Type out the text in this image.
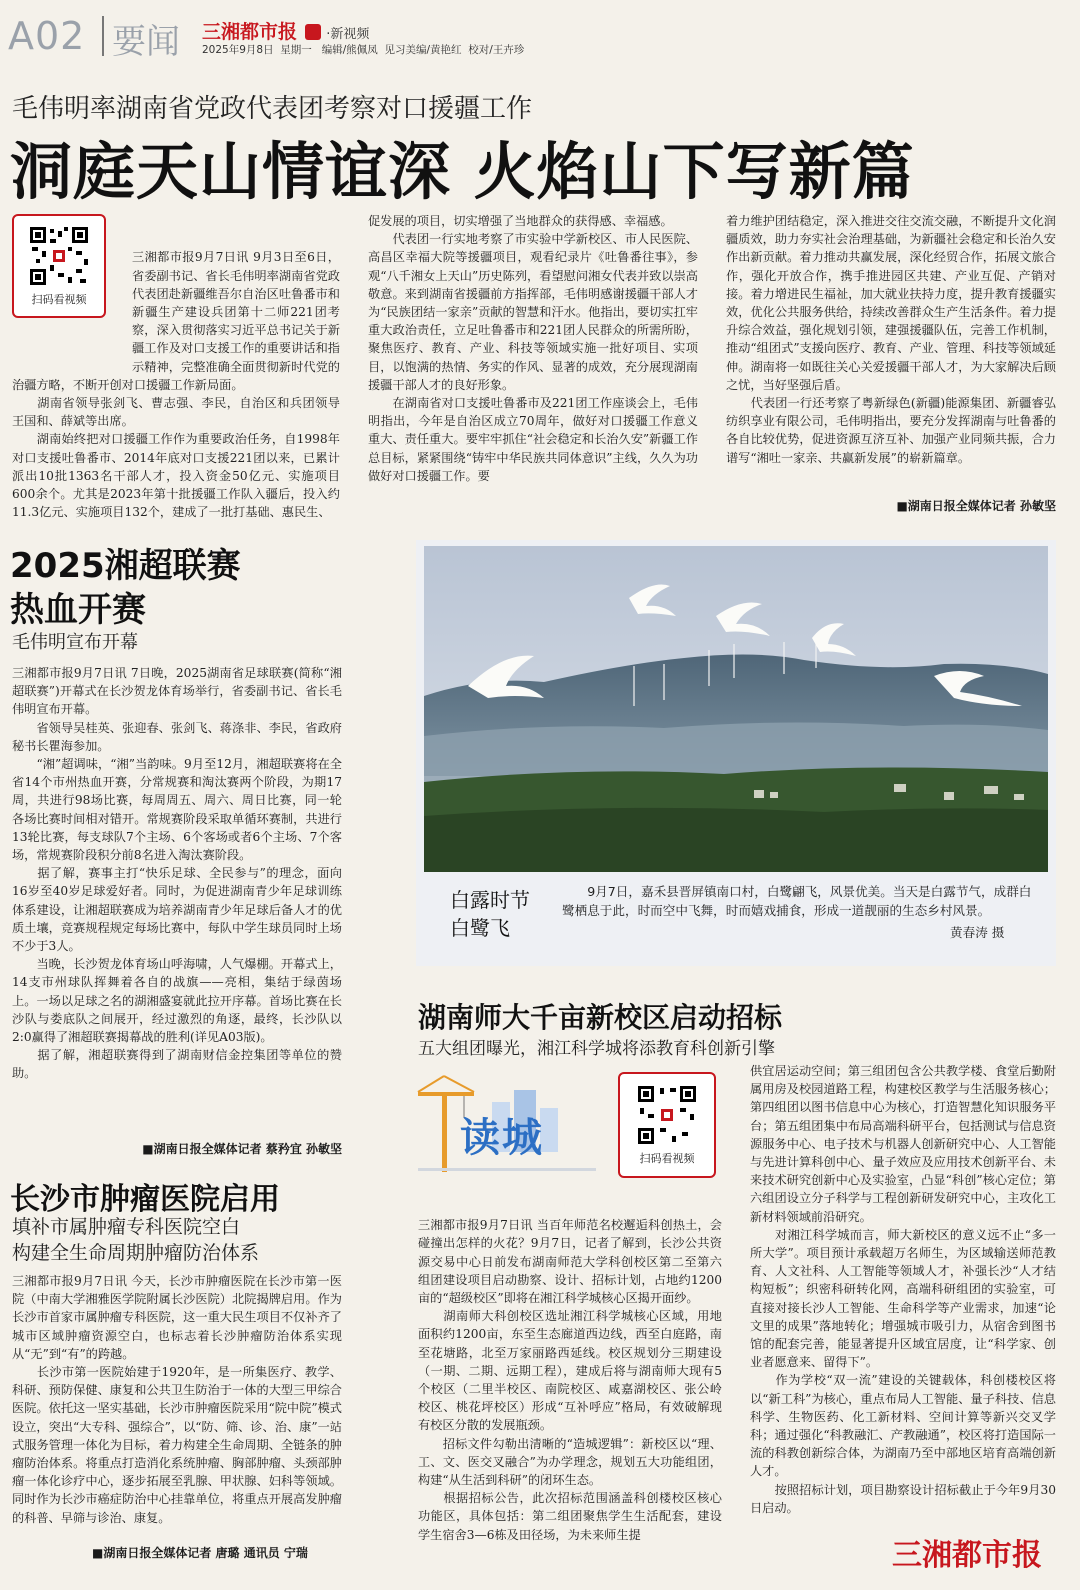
A02 要闻 三湘都市报 ·新视频
2025年9月8日  星期一   编辑/熊佩凤  见习美编/黄艳红  校对/王卉珍
毛伟明率湖南省党政代表团考察对口援疆工作
洞庭天山情谊深 火焰山下写新篇
扫码看视频

三湘都市报9月7日讯 9月3日至6日，省委副书记、省长毛伟明率湖南省党政代表团赴新疆维吾尔自治区吐鲁番市和新疆生产建设兵团第十二师221团考察，深入贯彻落实习近平总书记关于新疆工作及对口支援工作的重要讲话和指示精神，完整准确全面贯彻新时代党的治疆方略，不断开创对口援疆工作新局面。
　　湖南省领导张剑飞、曹志强、李民，自治区和兵团领导王国和、薛斌等出席。
　　湖南始终把对口援疆工作作为重要政治任务，自1998年对口支援吐鲁番市、2014年底对口支援221团以来，已累计派出10批1363名干部人才，投入资金50亿元、实施项目600余个。尤其是2023年第十批援疆工作队入疆后，投入约11.3亿元、实施项目132个，建成了一批打基础、惠民生、

促发展的项目，切实增强了当地群众的获得感、幸福感。
　　代表团一行实地考察了市实验中学新校区、市人民医院、高昌区幸福大院等援疆项目，观看纪录片《吐鲁番往事》，参观“八千湘女上天山”历史陈列，看望慰问湘女代表并致以崇高敬意。来到湖南省援疆前方指挥部，毛伟明感谢援疆干部人才为“民族团结一家亲”贡献的智慧和汗水。他指出，要切实扛牢重大政治责任，立足吐鲁番市和221团人民群众的所需所盼，聚焦医疗、教育、产业、科技等领域实施一批好项目、实项目，以饱满的热情、务实的作风、显著的成效，充分展现湖南援疆干部人才的良好形象。
　　在湖南省对口支援吐鲁番市及221团工作座谈会上，毛伟明指出，今年是自治区成立70周年，做好对口援疆工作意义重大、责任重大。要牢牢抓住“社会稳定和长治久安”新疆工作总目标，紧紧围绕“铸牢中华民族共同体意识”主线，久久为功做好对口援疆工作。要
着力维护团结稳定，深入推进交往交流交融，不断提升文化润疆质效，助力夯实社会治理基础，为新疆社会稳定和长治久安作出新贡献。着力推动共赢发展，深化经贸合作，拓展文旅合作，强化开放合作，携手推进园区共建、产业互促、产销对接。着力增进民生福祉，加大就业扶持力度，提升教育援疆实效，优化公共服务供给，持续改善群众生产生活条件。着力提升综合效益，强化规划引领，建强援疆队伍，完善工作机制，推动“组团式”支援向医疗、教育、产业、管理、科技等领域延伸。湖南将一如既往关心关爱援疆干部人才，为大家解决后顾之忧，当好坚强后盾。
　　代表团一行还考察了粤新绿色(新疆)能源集团、新疆睿弘纺织享业有限公司，毛伟明指出，要充分发挥湖南与吐鲁番的各自比较优势，促进资源互济互补、加强产业同频共振，合力谱写“湘吐一家亲、共赢新发展”的崭新篇章。
■湖南日报全媒体记者 孙敏坚
2025湘超联赛
热血开赛
毛伟明宣布开幕
三湘都市报9月7日讯 7日晚，2025湖南省足球联赛(简称“湘超联赛”)开幕式在长沙贺龙体育场举行，省委副书记、省长毛伟明宣布开幕。
　　省领导吴桂英、张迎春、张剑飞、蒋涤非、李民，省政府秘书长瞿海参加。
　　“湘”超调味，“湘”当韵味。9月至12月，湘超联赛将在全省14个市州热血开赛，分常规赛和淘汰赛两个阶段，为期17周，共进行98场比赛，每周周五、周六、周日比赛，同一轮各场比赛时间相对错开。常规赛阶段采取单循环赛制，共进行13轮比赛，每支球队7个主场、6个客场或者6个主场、7个客场，常规赛阶段积分前8名进入淘汰赛阶段。
　　据了解，赛事主打“快乐足球、全民参与”的理念，面向16岁至40岁足球爱好者。同时，为促进湖南青少年足球训练体系建设，让湘超联赛成为培养湖南青少年足球后备人才的优质土壤，竞赛规程规定每场比赛中，每队中学生球员同时上场不少于3人。
　　当晚，长沙贺龙体育场山呼海啸，人气爆棚。开幕式上，14支市州球队挥舞着各自的战旗——亮相，集结于绿茵场上。一场以足球之名的湖湘盛宴就此拉开序幕。首场比赛在长沙队与娄底队之间展开，经过激烈的角逐，最终，长沙队以2:0赢得了湘超联赛揭幕战的胜利(详见A03版)。
　　据了解，湘超联赛得到了湖南财信金控集团等单位的赞助。
■湖南日报全媒体记者 蔡矜宜 孙敏坚
长沙市肿瘤医院启用
填补市属肿瘤专科医院空白
构建全生命周期肿瘤防治体系
三湘都市报9月7日讯 今天，长沙市肿瘤医院在长沙市第一医院（中南大学湘雅医学院附属长沙医院）北院揭牌启用。作为长沙市首家市属肿瘤专科医院，这一重大民生项目不仅补齐了城市区域肿瘤资源空白，也标志着长沙肿瘤防治体系实现从“无”到“有”的跨越。
　　长沙市第一医院始建于1920年，是一所集医疗、教学、科研、预防保健、康复和公共卫生防治于一体的大型三甲综合医院。依托这一坚实基础，长沙市肿瘤医院采用“院中院”模式设立，突出“大专科、强综合”，以“防、筛、诊、治、康”一站式服务管理一体化为目标，着力构建全生命周期、全链条的肿瘤防治体系。将重点打造消化系统肿瘤、胸部肿瘤、头颈部肿瘤一体化诊疗中心，逐步拓展至乳腺、甲状腺、妇科等领域。同时作为长沙市癌症防治中心挂靠单位，将重点开展高发肿瘤的科普、早筛与诊治、康复。
■湖南日报全媒体记者 唐璐 通讯员 宁瑞
白露时节
白鹭飞
9月7日，嘉禾县晋屏镇南口村，白鹭翩飞，风景优美。当天是白露节气，成群白鹭栖息于此，时而空中飞舞，时而嬉戏捕食，形成一道靓丽的生态乡村风景。
黄春涛 摄
湖南师大千亩新校区启动招标
五大组团曝光，湘江科学城将添教育科创新引擎
读城	扫码看视频

三湘都市报9月7日讯 当百年师范名校邂逅科创热土，会碰撞出怎样的火花？9月7日，记者了解到，长沙公共资源交易中心日前发布湖南师范大学科创校区第二至第六组团建设项目启动勘察、设计、招标计划，占地约1200亩的“超级校区”即将在湘江科学城核心区揭开面纱。
　　湖南师大科创校区选址湘江科学城核心区域，用地面积约1200亩，东至生态廊道西边线，西至白庭路，南至花塘路，北至万家丽路西延线。校区规划分三期建设（一期、二期、远期工程），建成后将与湖南师大现有5个校区（二里半校区、南院校区、咸嘉湖校区、张公岭校区、桃花坪校区）形成“互补呼应”格局，有效破解现有校区分散的发展瓶颈。
　　招标文件勾勒出清晰的“造城逻辑”：新校区以“理、工、文、医交叉融合”为办学理念，规划五大功能组团，构建“从生活到科研”的闭环生态。
　　根据招标公告，此次招标范围涵盖科创楼校区核心功能区，具体包括：第二组团聚焦学生生活配套，建设学生宿舍3—6栋及田径场，为未来师生提

供宜居运动空间；第三组团包含公共教学楼、食堂后勤附属用房及校园道路工程，构建校区教学与生活服务核心；第四组团以图书信息中心为核心，打造智慧化知识服务平台；第五组团集中布局高端科研平台，包括测试与信息资源服务中心、电子技术与机器人创新研究中心、人工智能与先进计算科创中心、量子效应及应用技术创新平台、未来技术研究创新中心及实验室，凸显“科创”核心定位；第六组团设立分子科学与工程创新研发研究中心，主攻化工新材料领域前沿研究。
　　对湘江科学城而言，师大新校区的意义远不止“多一所大学”。项目预计承载超万名师生，为区域输送师范教育、人文社科、人工智能等领域人才，补强长沙“人才结构短板”；织密科研转化网，高端科研组团的实验室，可直接对接长沙人工智能、生命科学等产业需求，加速“论文里的成果”落地转化；增强城市吸引力，从宿舍到图书馆的配套完善，能显著提升区域宜居度，让“科学家、创业者愿意来、留得下”。
　　作为学校“双一流”建设的关键载体，科创楼校区将以“新工科”为核心，重点布局人工智能、量子科技、信息科学、生物医药、化工新材料、空间计算等新兴交叉学科；通过强化“科教融汇、产教融通”，校区将打造国际一流的科教创新综合体，为湖南乃至中部地区培育高端创新人才。
　　按照招标计划，项目勘察设计招标截止于今年9月30日启动。
三湘都市报
